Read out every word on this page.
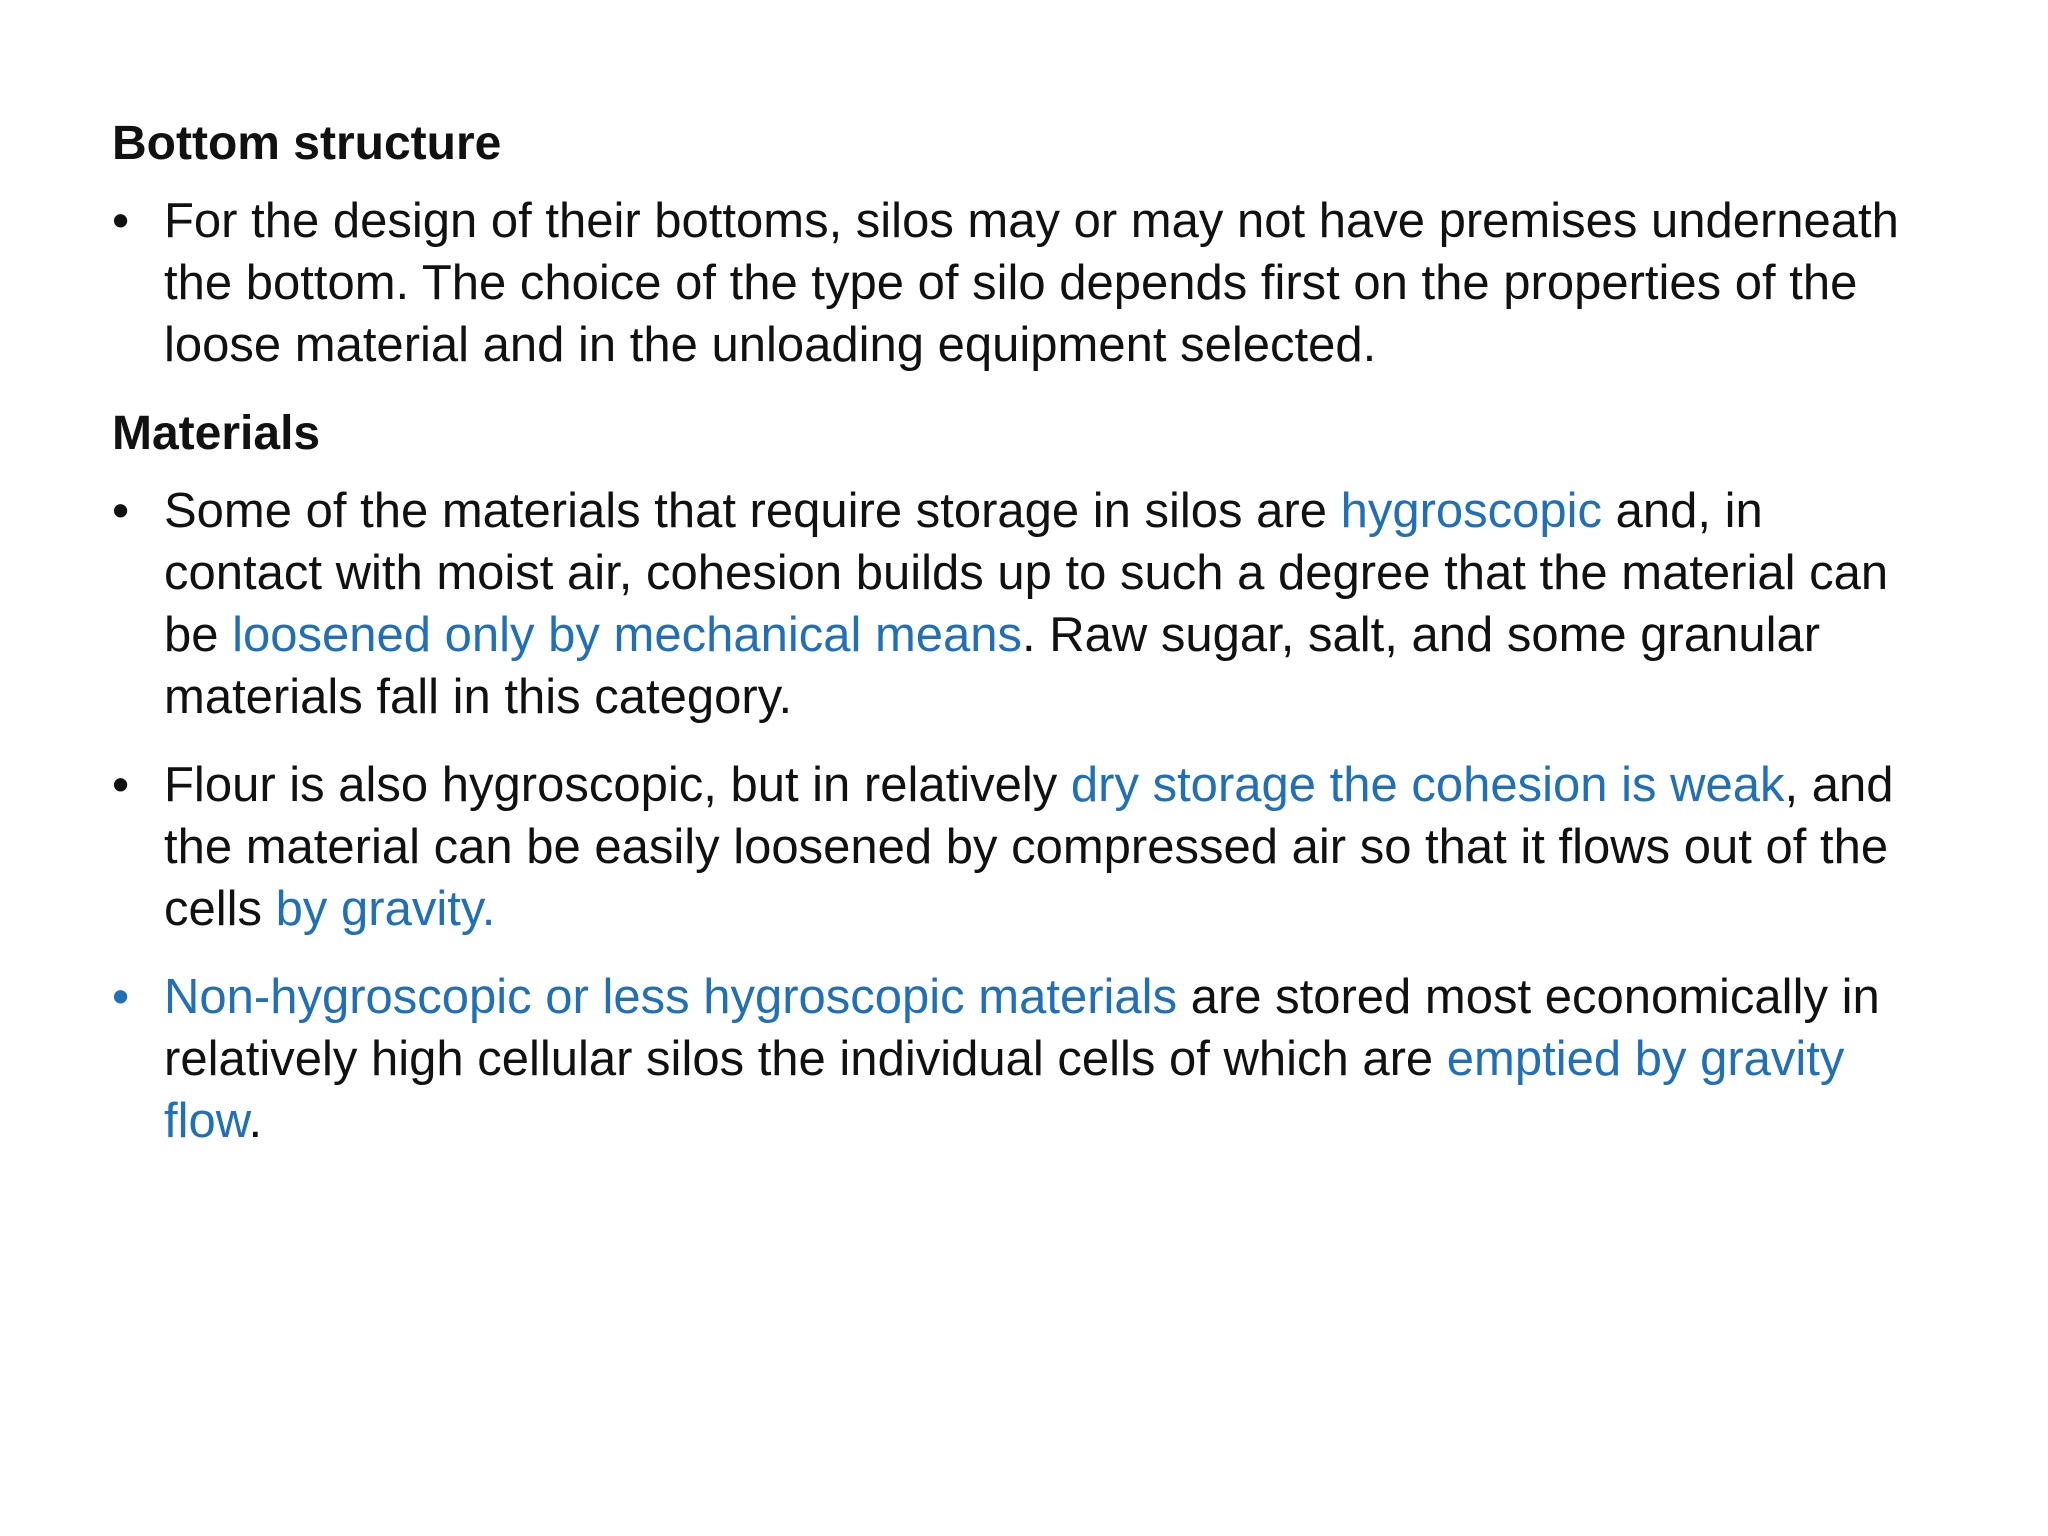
Bottom structure
• For the design of their bottoms, silos may or may not have premises underneath the bottom. The choice of the type of silo depends first on the properties of the loose material and in the unloading equipment selected.
Materials
• Some of the materials that require storage in silos are hygroscopic and, in contact with moist air, cohesion builds up to such a degree that the material can be loosened only by mechanical means. Raw sugar, salt, and some granular materials fall in this category.
• Flour is also hygroscopic, but in relatively dry storage the cohesion is weak, and the material can be easily loosened by compressed air so that it flows out of the cells by gravity.
• Non-hygroscopic or less hygroscopic materials are stored most economically in relatively high cellular silos the individual cells of which are emptied by gravity flow.
